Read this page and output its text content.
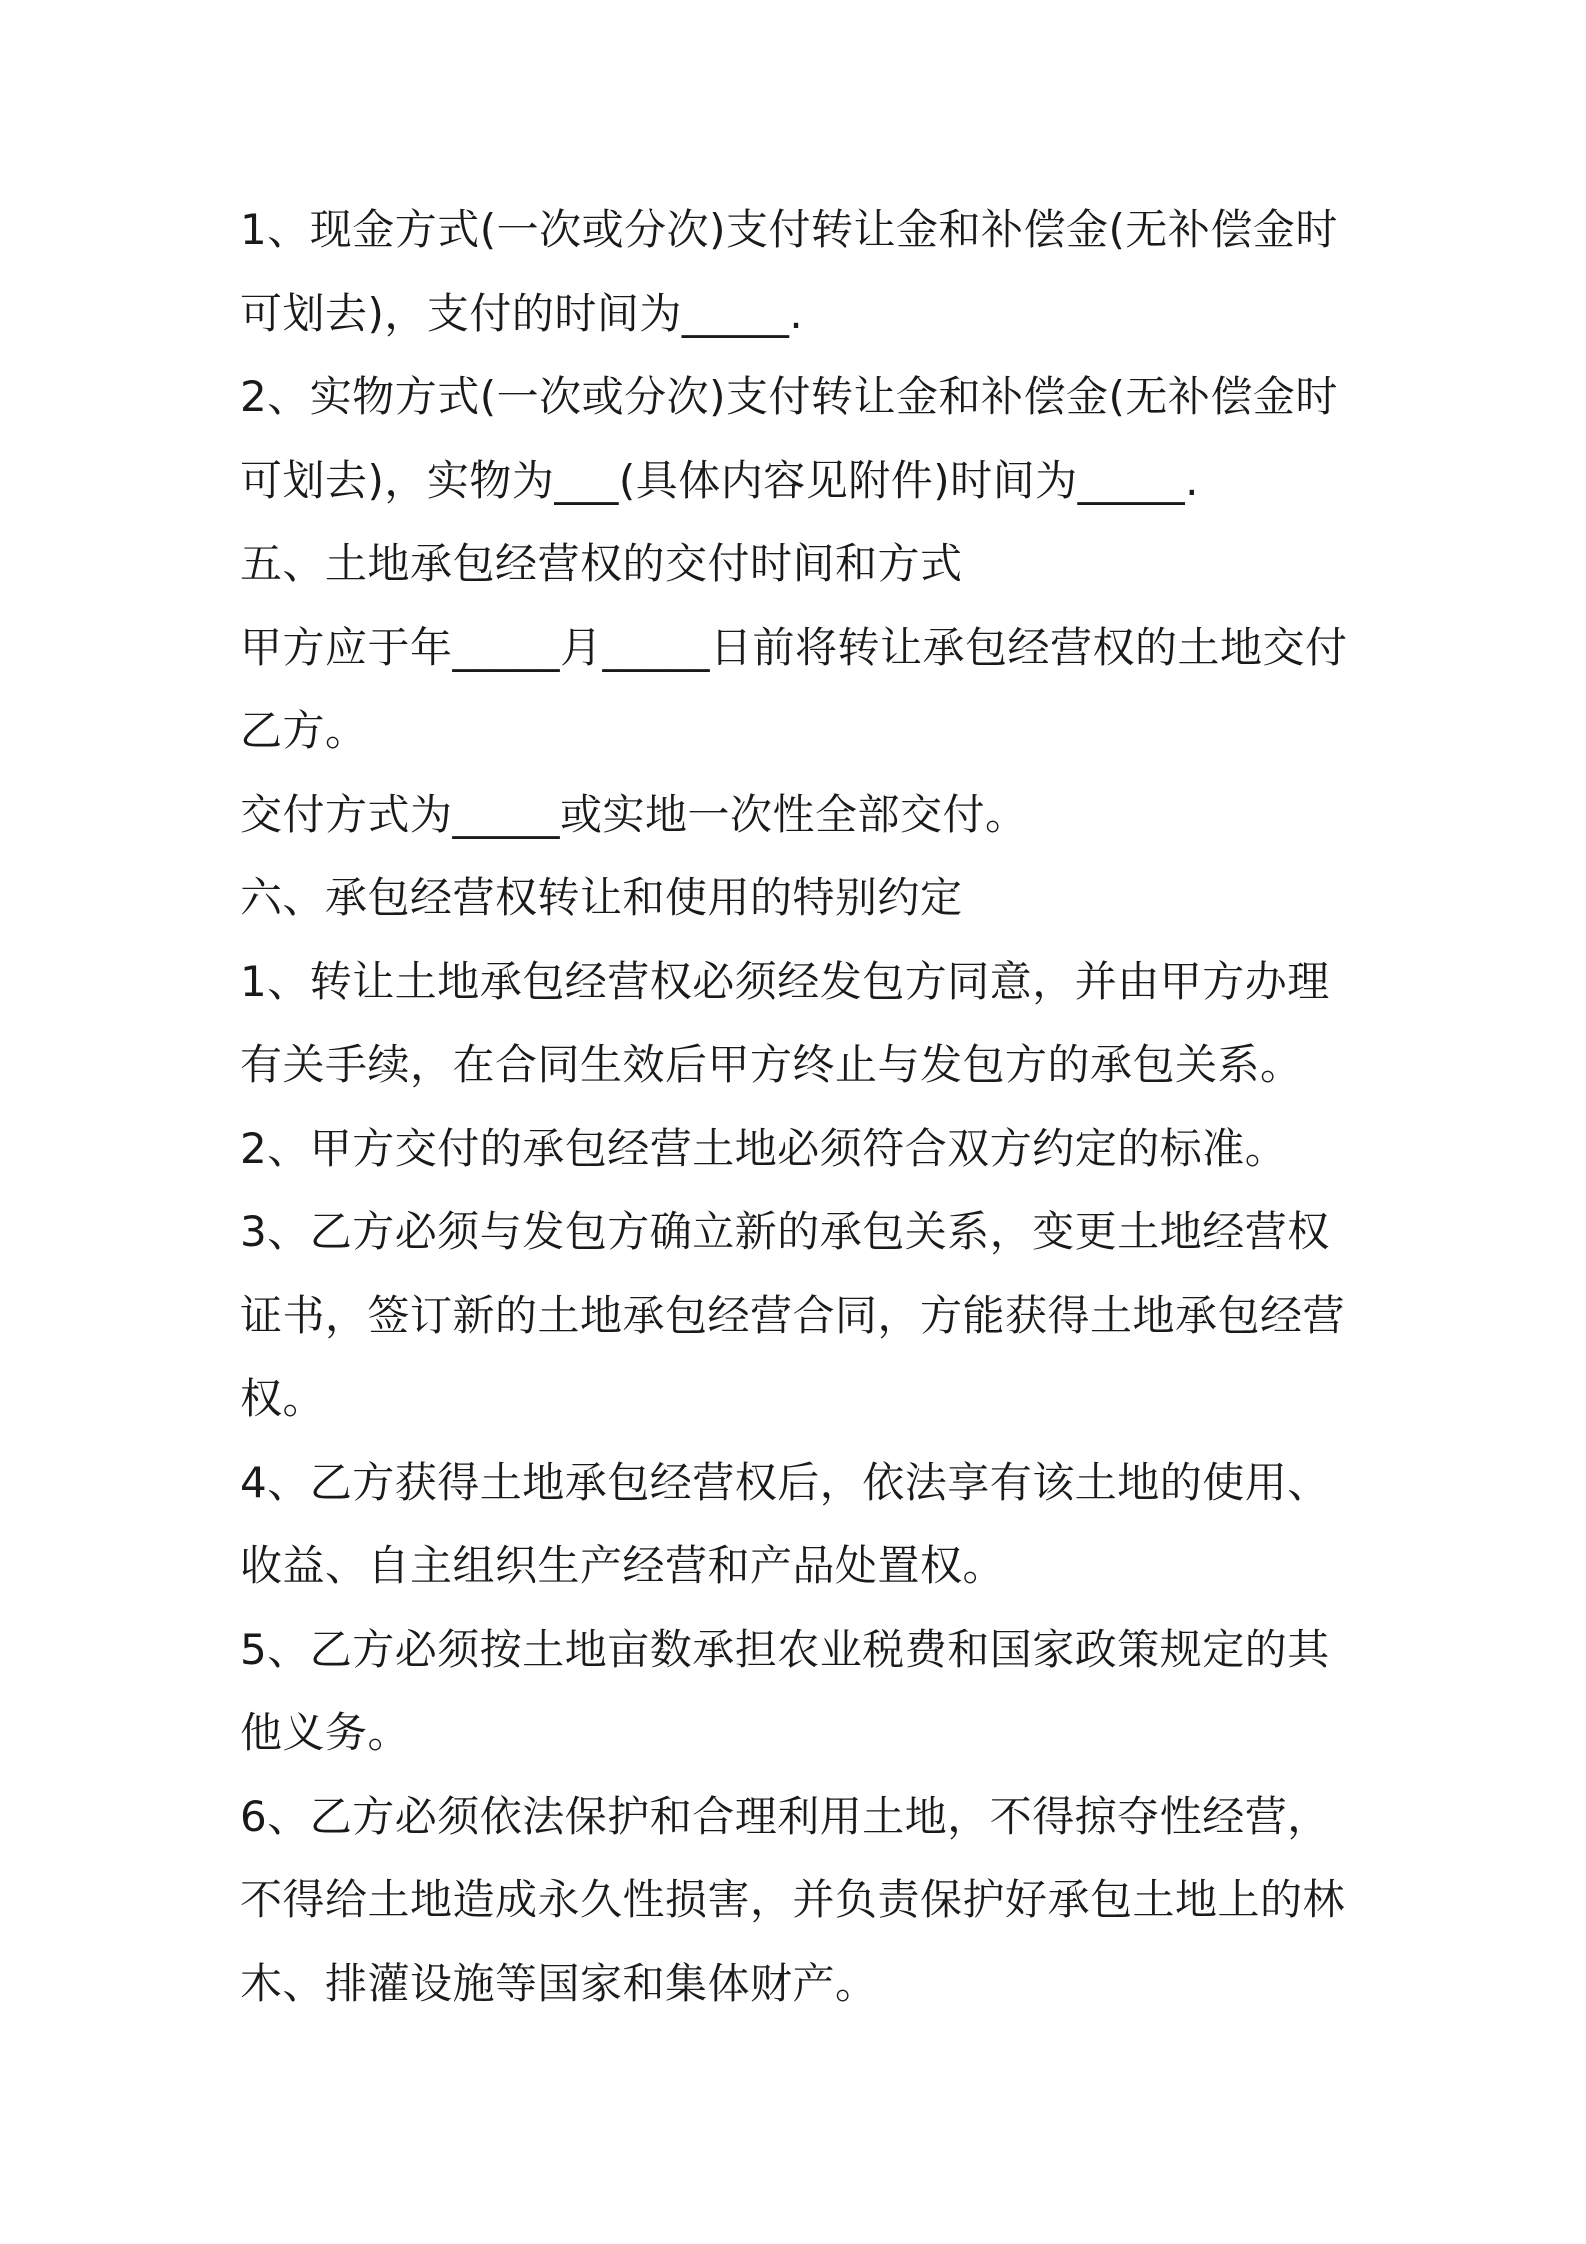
1、现金方式(一次或分次)支付转让金和补偿金(无补偿金时
可划去)，支付的时间为_____.
2、实物方式(一次或分次)支付转让金和补偿金(无补偿金时
可划去)，实物为___(具体内容见附件)时间为_____.
五、土地承包经营权的交付时间和方式
甲方应于年_____月_____日前将转让承包经营权的土地交付
乙方。
交付方式为_____或实地一次性全部交付。
六、承包经营权转让和使用的特别约定
1、转让土地承包经营权必须经发包方同意，并由甲方办理
有关手续，在合同生效后甲方终止与发包方的承包关系。
2、甲方交付的承包经营土地必须符合双方约定的标准。
3、乙方必须与发包方确立新的承包关系，变更土地经营权
证书，签订新的土地承包经营合同，方能获得土地承包经营
权。
4、乙方获得土地承包经营权后，依法享有该土地的使用、
收益、自主组织生产经营和产品处置权。
5、乙方必须按土地亩数承担农业税费和国家政策规定的其
他义务。
6、乙方必须依法保护和合理利用土地，不得掠夺性经营，
不得给土地造成永久性损害，并负责保护好承包土地上的林
木、排灌设施等国家和集体财产。
